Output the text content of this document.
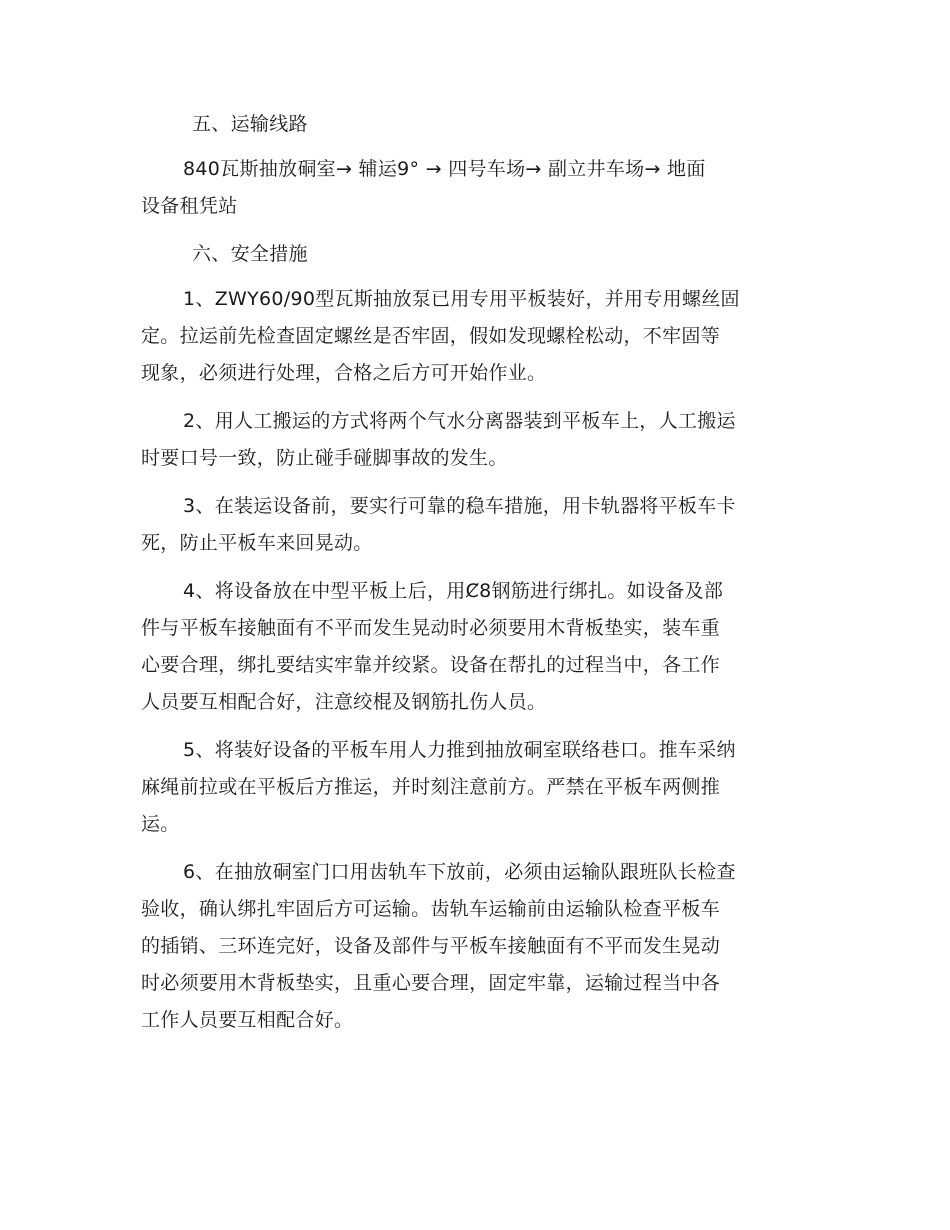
五、运输线路
840瓦斯抽放硐室→ 辅运9° → 四号车场→ 副立井车场→ 地面
设备租凭站
六、安全措施
1、ZWY60/90型瓦斯抽放泵已用专用平板装好，并用专用螺丝固
定。拉运前先检查固定螺丝是否牢固，假如发现螺栓松动，不牢固等
现象，必须进行处理，合格之后方可开始作业。
2、用人工搬运的方式将两个气水分离器装到平板车上，人工搬运
时要口号一致，防止碰手碰脚事故的发生。
3、在装运设备前，要实行可靠的稳车措施，用卡轨器将平板车卡
死，防止平板车来回晃动。
4、将设备放在中型平板上后，用Ȼ8钢筋进行绑扎。如设备及部
件与平板车接触面有不平而发生晃动时必须要用木背板垫实，装车重
心要合理，绑扎要结实牢靠并绞紧。设备在帮扎的过程当中，各工作
人员要互相配合好，注意绞棍及钢筋扎伤人员。
5、将装好设备的平板车用人力推到抽放硐室联络巷口。推车采纳
麻绳前拉或在平板后方推运，并时刻注意前方。严禁在平板车两侧推
运。
6、在抽放硐室门口用齿轨车下放前，必须由运输队跟班队长检查
验收，确认绑扎牢固后方可运输。齿轨车运输前由运输队检查平板车
的插销、三环连完好，设备及部件与平板车接触面有不平而发生晃动
时必须要用木背板垫实，且重心要合理，固定牢靠，运输过程当中各
工作人员要互相配合好。
